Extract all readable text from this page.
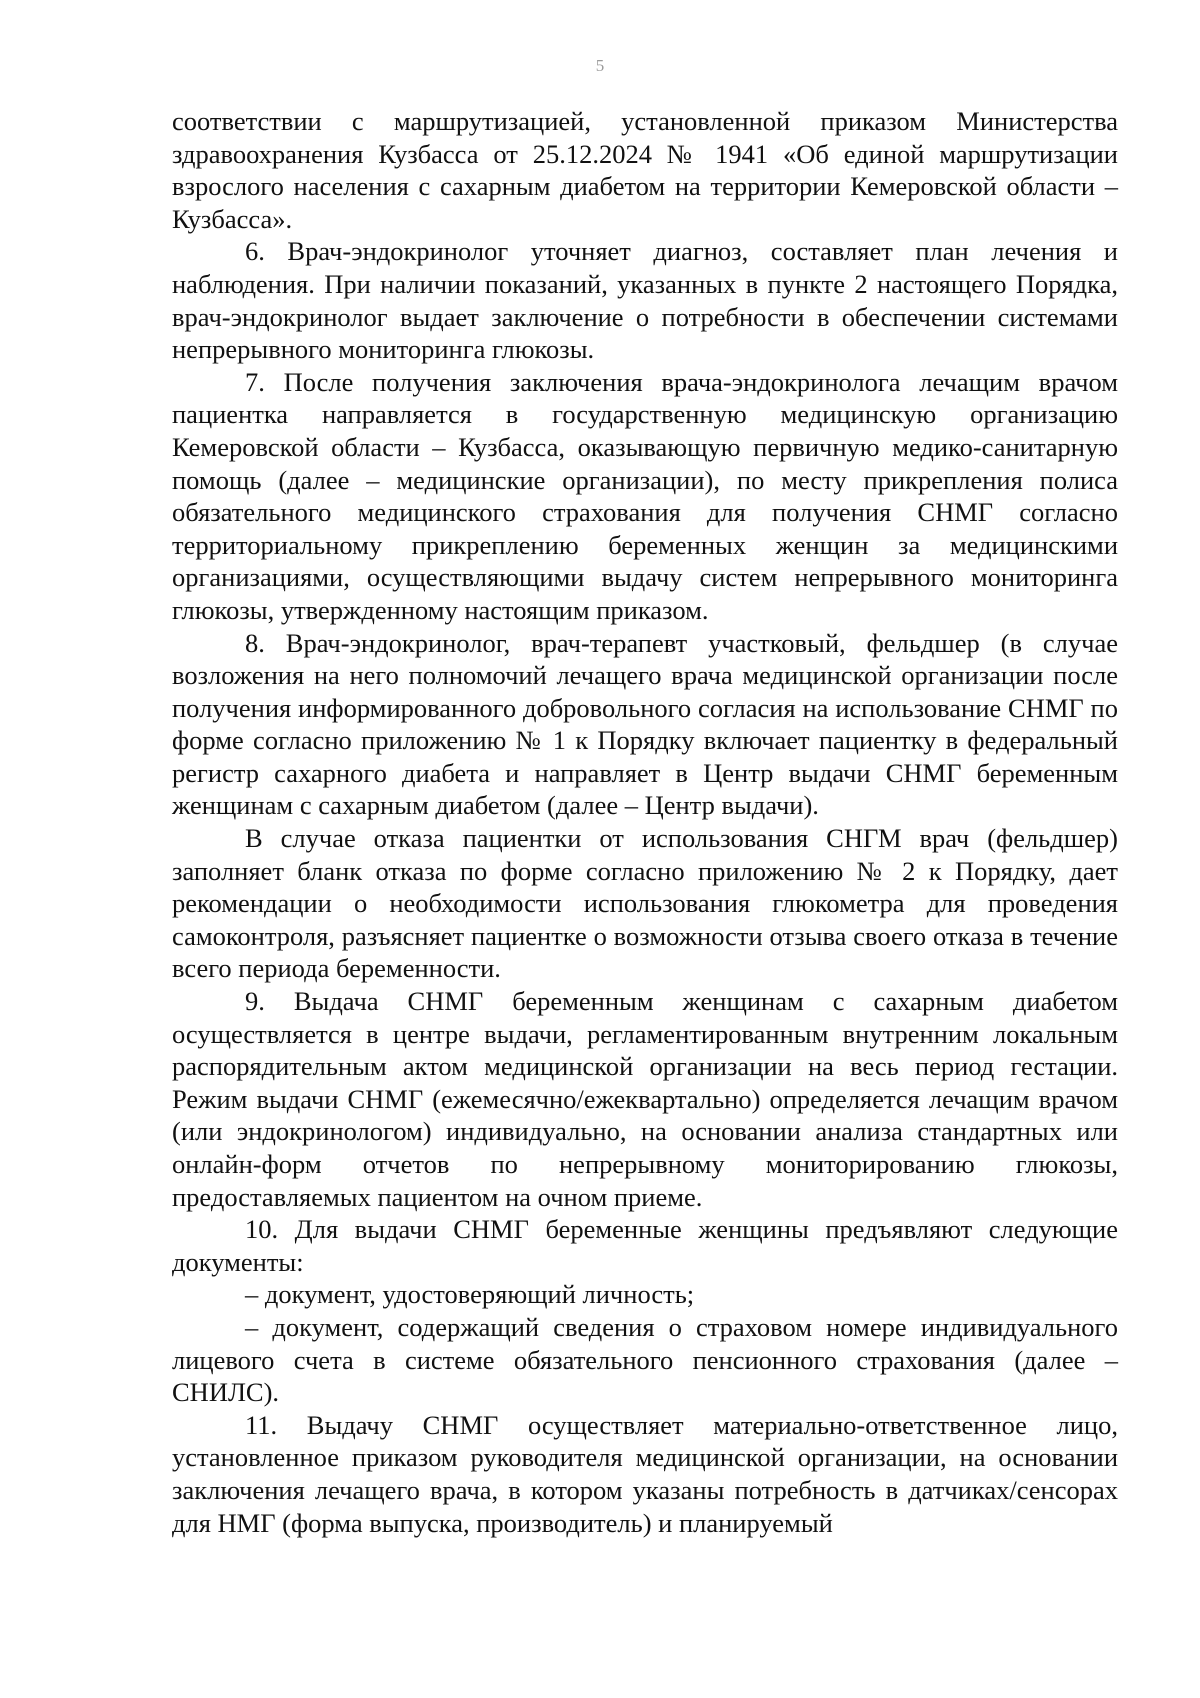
5

соответствии с маршрутизацией, установленной приказом Министерства здравоохранения Кузбасса от 25.12.2024 № 1941 «Об единой маршрутизации взрослого населения с сахарным диабетом на территории Кемеровской области – Кузбасса».

6. Врач-эндокринолог уточняет диагноз, составляет план лечения и наблюдения. При наличии показаний, указанных в пункте 2 настоящего Порядка, врач-эндокринолог выдает заключение о потребности в обеспечении системами непрерывного мониторинга глюкозы.

7. После получения заключения врача-эндокринолога лечащим врачом пациентка направляется в государственную медицинскую организацию Кемеровской области – Кузбасса, оказывающую первичную медико-санитарную помощь (далее – медицинские организации), по месту прикрепления полиса обязательного медицинского страхования для получения СНМГ согласно территориальному прикреплению беременных женщин за медицинскими организациями, осуществляющими выдачу систем непрерывного мониторинга глюкозы, утвержденному настоящим приказом.

8. Врач-эндокринолог, врач-терапевт участковый, фельдшер (в случае возложения на него полномочий лечащего врача медицинской организации после получения информированного добровольного согласия на использование СНМГ по форме согласно приложению № 1 к Порядку включает пациентку в федеральный регистр сахарного диабета и направляет в Центр выдачи СНМГ беременным женщинам с сахарным диабетом (далее – Центр выдачи).

В случае отказа пациентки от использования СНГМ врач (фельдшер) заполняет бланк отказа по форме согласно приложению № 2 к Порядку, дает рекомендации о необходимости использования глюкометра для проведения самоконтроля, разъясняет пациентке о возможности отзыва своего отказа в течение всего периода беременности.

9. Выдача СНМГ беременным женщинам с сахарным диабетом осуществляется в центре выдачи, регламентированным внутренним локальным распорядительным актом медицинской организации на весь период гестации. Режим выдачи СНМГ (ежемесячно/ежеквартально) определяется лечащим врачом (или эндокринологом) индивидуально, на основании анализа стандартных или онлайн-форм отчетов по непрерывному мониторированию глюкозы, предоставляемых пациентом на очном приеме.

10. Для выдачи СНМГ беременные женщины предъявляют следующие документы:

– документ, удостоверяющий личность;

– документ, содержащий сведения о страховом номере индивидуального лицевого счета в системе обязательного пенсионного страхования (далее – СНИЛС).

11. Выдачу СНМГ осуществляет материально-ответственное лицо, установленное приказом руководителя медицинской организации, на основании заключения лечащего врача, в котором указаны потребность в датчиках/сенсорах для НМГ (форма выпуска, производитель) и планируемый
